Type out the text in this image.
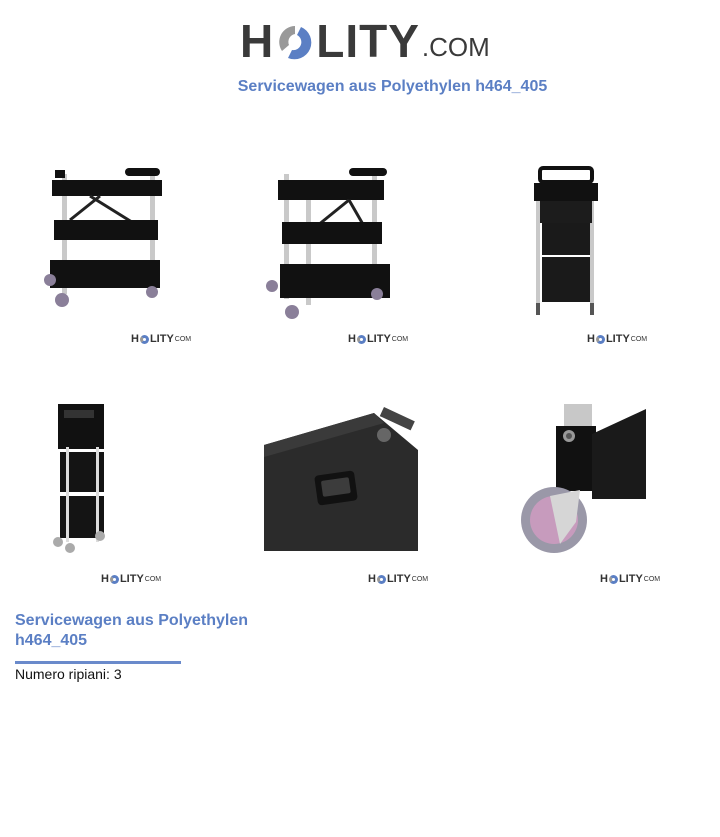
H LITY .COM
Servicewagen aus Polyethylen h464_405
H LITY COM	H LITY COM	H LITY COM
H LITY COM	H LITY COM	H LITY COM
Servicewagen aus Polyethylen h464_405
Numero ripiani: 3
